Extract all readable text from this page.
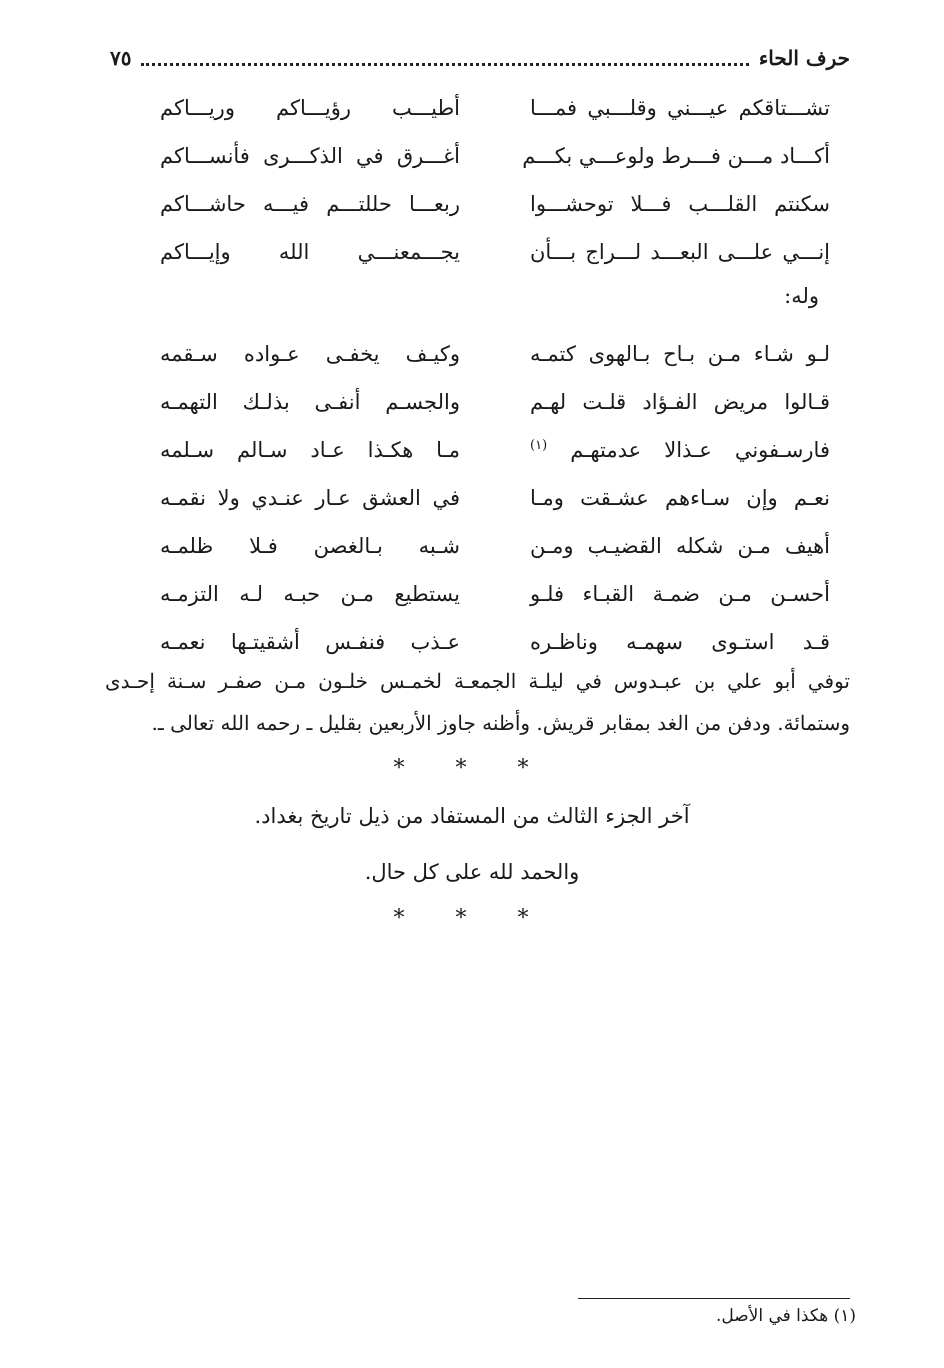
حرف الحاء
٧٥
تشـــتاقكم عيـــني وقلـــبي فمـــا
أطيـــب رؤيـــاكم وريـــاكم
أكـــاد مـــن فـــرط ولوعـــي بكـــم
أغـــرق في الذكـــرى فأنســـاكم
سكنتم القلـــب فـــلا توحشـــوا
ربعـــا حللتـــم فيـــه حاشـــاكم
إنـــي علـــى البعـــد لـــراج بـــأن
يجـــمعنـــي الله وإيـــاكم
وله:
لـو شـاء مـن بـاح بـالهوى كتمـه
وكيـف يخفـى عـواده سـقمه
قـالوا مريض الفـؤاد قلـت لهـم
والجسـم أنفـى بذلـك التهمـه
فارسـفوني عـذالا عدمتهـم $^{(١)}$
مـا هكـذا عـاد سـالم سـلمه
نعـم وإن سـاءهم عشـقت ومـا
في العشق عـار عنـدي ولا نقمـه
أهيف مـن شكله القضيـب ومـن
شـبه بـالغصن فـلا ظلمـه
أحسـن مـن ضمـة القبـاء فلـو
يستطيع مـن حبـه لـه التزمـه
قـد استـوى سهمـه وناظـره
عـذب فنفـس أشقيتـها نعمـه
توفي أبو علي بن عبـدوس في ليلـة الجمعـة لخمـس خلـون مـن صفـر سـنة إحـدى وستمائة. ودفن من الغد بمقابر قريش. وأظنه جاوز الأربعين بقليل ـ رحمه الله تعالى ـ.
* * *
آخر الجزء الثالث من المستفاد من ذيل تاريخ بغداد.
والحمد لله على كل حال.
* * *
(١) هكذا في الأصل.
